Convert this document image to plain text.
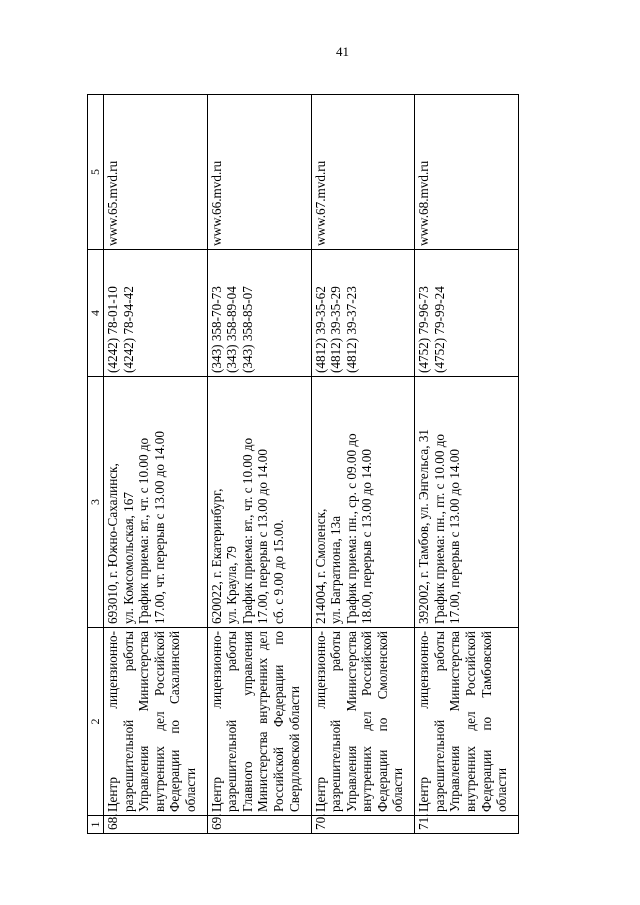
41
1	2	3	4	5
68.	Центр лицензионно-разрешительной работы Управления Министерства внутренних дел Российской Федерации по Сахалинской области	693010, г. Южно-Сахалинск, ул. Комсомольская, 167 График приема: вт., чт. с 10.00 до 17.00, чт. перерыв с 13.00 до 14.00	(4242) 78-01-10 (4242) 78-94-42	www.65.mvd.ru
69.	Центр лицензионно-разрешительной работы Главного управления Министерства внутренних дел Российской Федерации по Свердловской области	620022, г. Екатеринбург, ул. Краула, 79 График приема: вт., чт. с 10.00 до 17.00, перерыв с 13.00 до 14.00 сб. с 9.00 до 15.00.	(343) 358-70-73 (343) 358-89-04 (343) 358-85-07	www.66.mvd.ru
70.	Центр лицензионно-разрешительной работы Управления Министерства внутренних дел Российской Федерации по Смоленской области	214004, г. Смоленск, ул. Багратиона, 13а График приема: пн., ср. с 09.00 до 18.00, перерыв с 13.00 до 14.00	(4812) 39-35-62 (4812) 39-35-29 (4812) 39-37-23	www.67.mvd.ru
71.	Центр лицензионно-разрешительной работы Управления Министерства внутренних дел Российской Федерации по Тамбовской области	392002, г. Тамбов, ул. Энгельса, 31 График приема: пн., пт. с 10.00 до 17.00, перерыв с 13.00 до 14.00	(4752) 79-96-73 (4752) 79-99-24	www.68.mvd.ru
